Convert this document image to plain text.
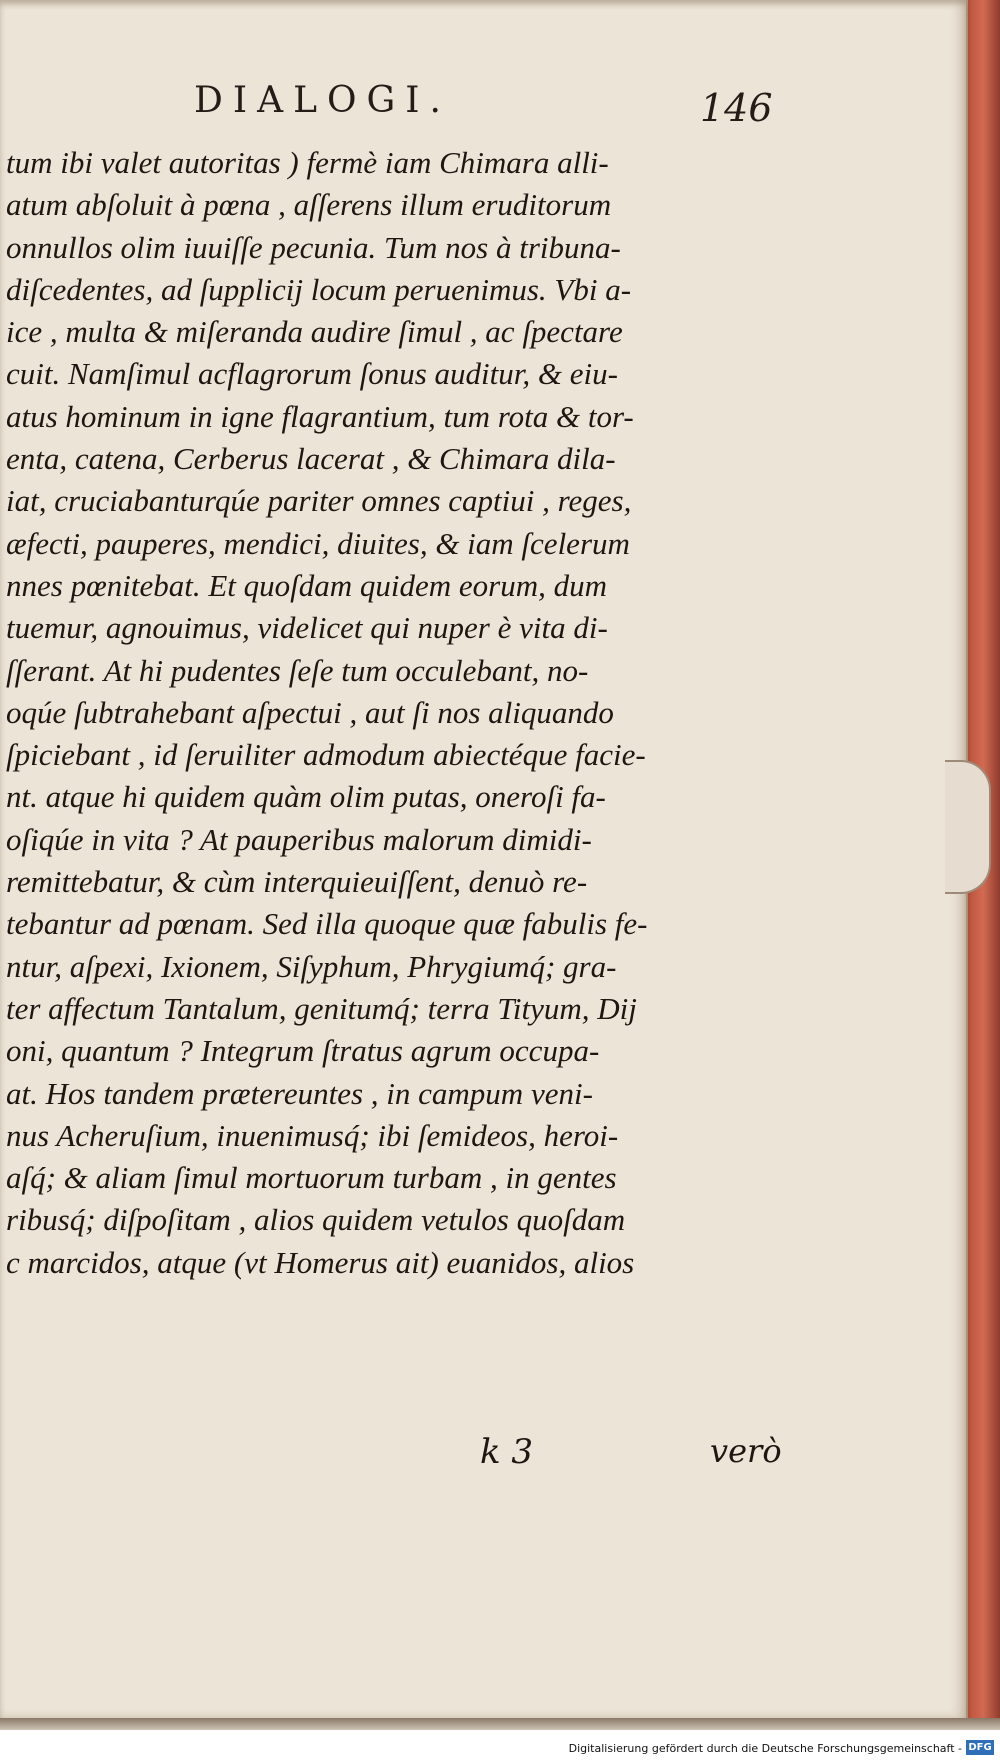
DIALOGI.	146
tum ibi valet autoritas ) fermè iam Chimara alli-
atum abſoluit à pœna , aſſerens illum eruditorum
onnullos olim iuuiſſe pecunia. Tum nos à tribuna-
diſcedentes, ad ſupplicij locum peruenimus. Vbi a-
ice , multa & miſeranda audire ſimul , ac ſpectare
cuit. Namſimul acflagrorum ſonus auditur, & eiu-
atus hominum in igne flagrantium, tum rota & tor-
enta, catena, Cerberus lacerat , & Chimara dila-
iat, cruciabanturqúe pariter omnes captiui , reges,
æfecti, pauperes, mendici, diuites, & iam ſcelerum
nnes pœnitebat. Et quoſdam quidem eorum, dum
tuemur, agnouimus, videlicet qui nuper è vita di-
ſſerant. At hi pudentes ſeſe tum occulebant, no-
oqúe ſubtrahebant aſpectui , aut ſi nos aliquando
ſpiciebant , id ſeruiliter admodum abiectéque facie-
nt. atque hi quidem quàm olim putas, oneroſi fa-
oſiqúe in vita ? At pauperibus malorum dimidi-
remittebatur, & cùm interquieuiſſent, denuò re-
tebantur ad pœnam. Sed illa quoque quæ fabulis fe-
ntur, aſpexi, Ixionem, Siſyphum, Phrygiumq́; gra-
ter affectum Tantalum, genitumq́; terra Tityum, Dij
oni, quantum ? Integrum ſtratus agrum occupa-
at. Hos tandem prætereuntes , in campum veni-
nus Acheruſium, inuenimusq́; ibi ſemideos, heroi-
aſq́; & aliam ſimul mortuorum turbam , in gentes
ribusq́; diſpoſitam , alios quidem vetulos quoſdam
c marcidos, atque (vt Homerus ait) euanidos, alios
k 3	verò
Digitalisierung gefördert durch die Deutsche Forschungsgemeinschaft - DFG
